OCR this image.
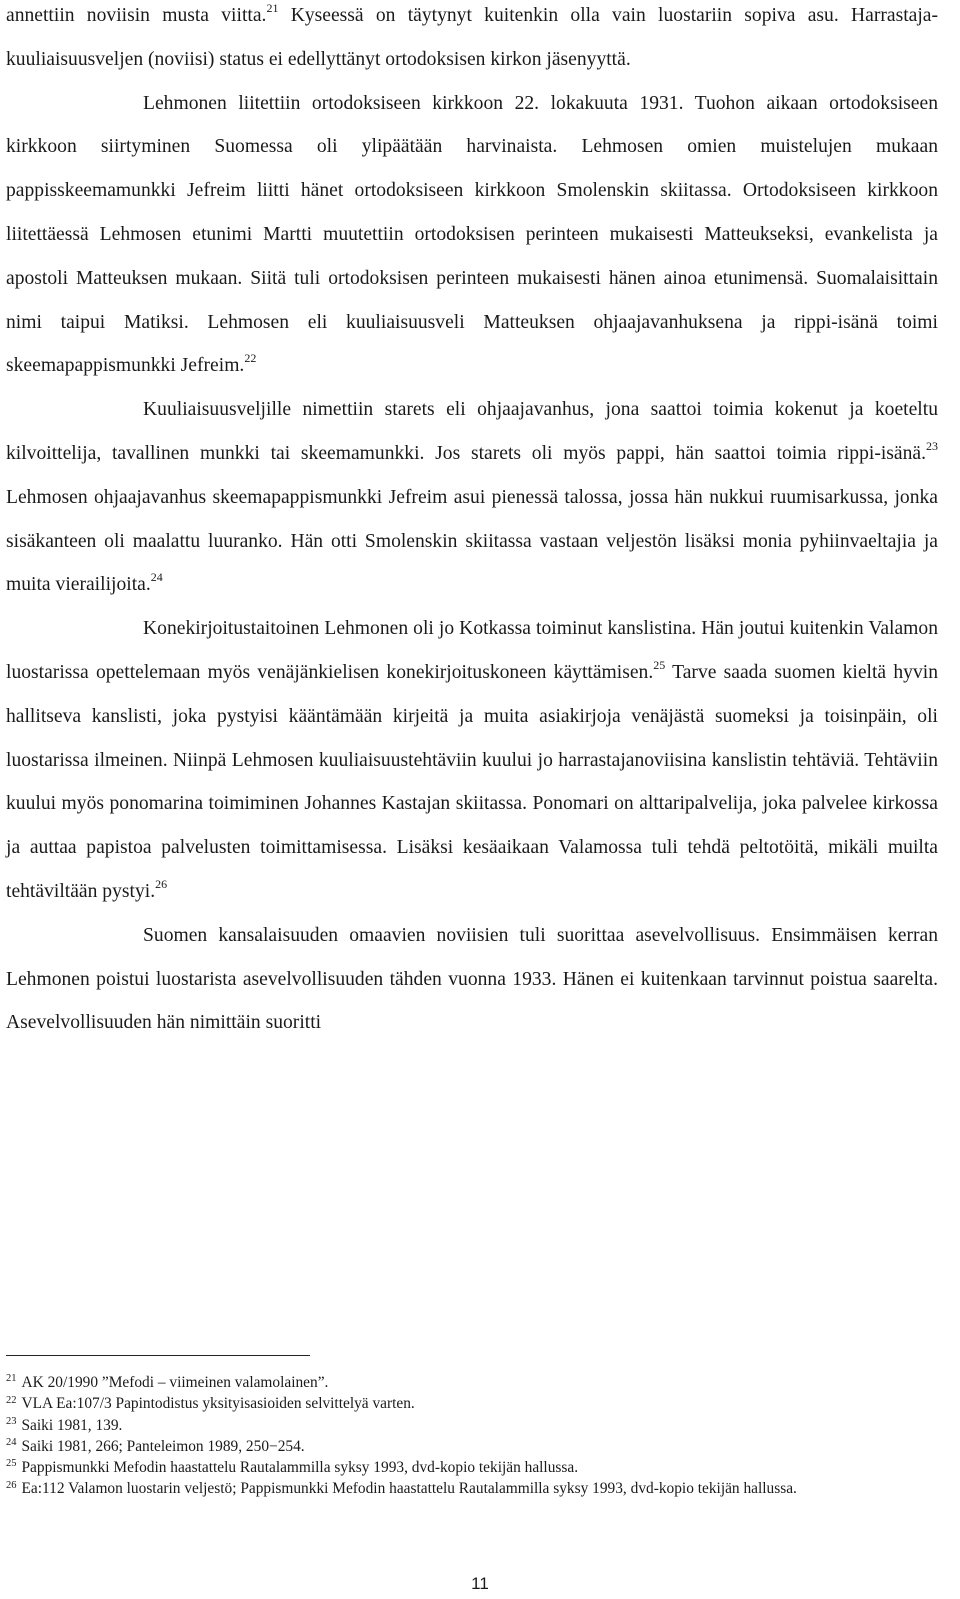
annettiin noviisin musta viitta.$^{21}$ Kyseessä on täytynyt kuitenkin olla vain luostariin sopiva asu. Harrastaja-kuuliaisuusveljen (noviisi) status ei edellyttänyt ortodoksisen kirkon jäsenyyttä.

Lehmonen liitettiin ortodoksiseen kirkkoon 22. lokakuuta 1931. Tuohon aikaan ortodoksiseen kirkkoon siirtyminen Suomessa oli ylipäätään harvinaista. Lehmosen omien muistelujen mukaan pappisskeemamunkki Jefreim liitti hänet ortodoksiseen kirkkoon Smolenskin skiitassa. Ortodoksiseen kirkkoon liitettäessä Lehmosen etunimi Martti muutettiin ortodoksisen perinteen mukaisesti Matteukseksi, evankelista ja apostoli Matteuksen mukaan. Siitä tuli ortodoksisen perinteen mukaisesti hänen ainoa etunimensä. Suomalaisittain nimi taipui Matiksi. Lehmosen eli kuuliaisuusveli Matteuksen ohjaajavanhuksena ja rippi-isänä toimi skeemapappismunkki Jefreim.$^{22}$

Kuuliaisuusveljille nimettiin starets eli ohjaajavanhus, jona saattoi toimia kokenut ja koeteltu kilvoittelija, tavallinen munkki tai skeemamunkki. Jos starets oli myös pappi, hän saattoi toimia rippi-isänä.$^{23}$ Lehmosen ohjaajavanhus skeemapappismunkki Jefreim asui pienessä talossa, jossa hän nukkui ruumisarkussa, jonka sisäkanteen oli maalattu luuranko. Hän otti Smolenskin skiitassa vastaan veljestön lisäksi monia pyhiinvaeltajia ja muita vierailijoita.$^{24}$

Konekirjoitustaitoinen Lehmonen oli jo Kotkassa toiminut kanslistina. Hän joutui kuitenkin Valamon luostarissa opettelemaan myös venäjänkielisen konekirjoituskoneen käyttämisen.$^{25}$ Tarve saada suomen kieltä hyvin hallitseva kanslisti, joka pystyisi kääntämään kirjeitä ja muita asiakirjoja venäjästä suomeksi ja toisinpäin, oli luostarissa ilmeinen. Niinpä Lehmosen kuuliaisuustehtäviin kuului jo harrastajanoviisina kanslistin tehtäviä. Tehtäviin kuului myös ponomarina toimiminen Johannes Kastajan skiitassa. Ponomari on alttaripalvelija, joka palvelee kirkossa ja auttaa papistoa palvelusten toimittamisessa. Lisäksi kesäaikaan Valamossa tuli tehdä peltotöitä, mikäli muilta tehtäviltään pystyi.$^{26}$

Suomen kansalaisuuden omaavien noviisien tuli suorittaa asevelvollisuus. Ensimmäisen kerran Lehmonen poistui luostarista asevelvollisuuden tähden vuonna 1933. Hänen ei kuitenkaan tarvinnut poistua saarelta. Asevelvollisuuden hän nimittäin suoritti

$^{21}$ AK 20/1990 ”Mefodi – viimeinen valamolainen”.

$^{22}$ VLA Ea:107/3 Papintodistus yksityisasioiden selvittelyä varten.

$^{23}$ Saiki 1981, 139.

$^{24}$ Saiki 1981, 266; Panteleimon 1989, 250−254.

$^{25}$ Pappismunkki Mefodin haastattelu Rautalammilla syksy 1993, dvd-kopio tekijän hallussa.

$^{26}$ Ea:112 Valamon luostarin veljestö; Pappismunkki Mefodin haastattelu Rautalammilla syksy 1993, dvd-kopio tekijän hallussa.

11
